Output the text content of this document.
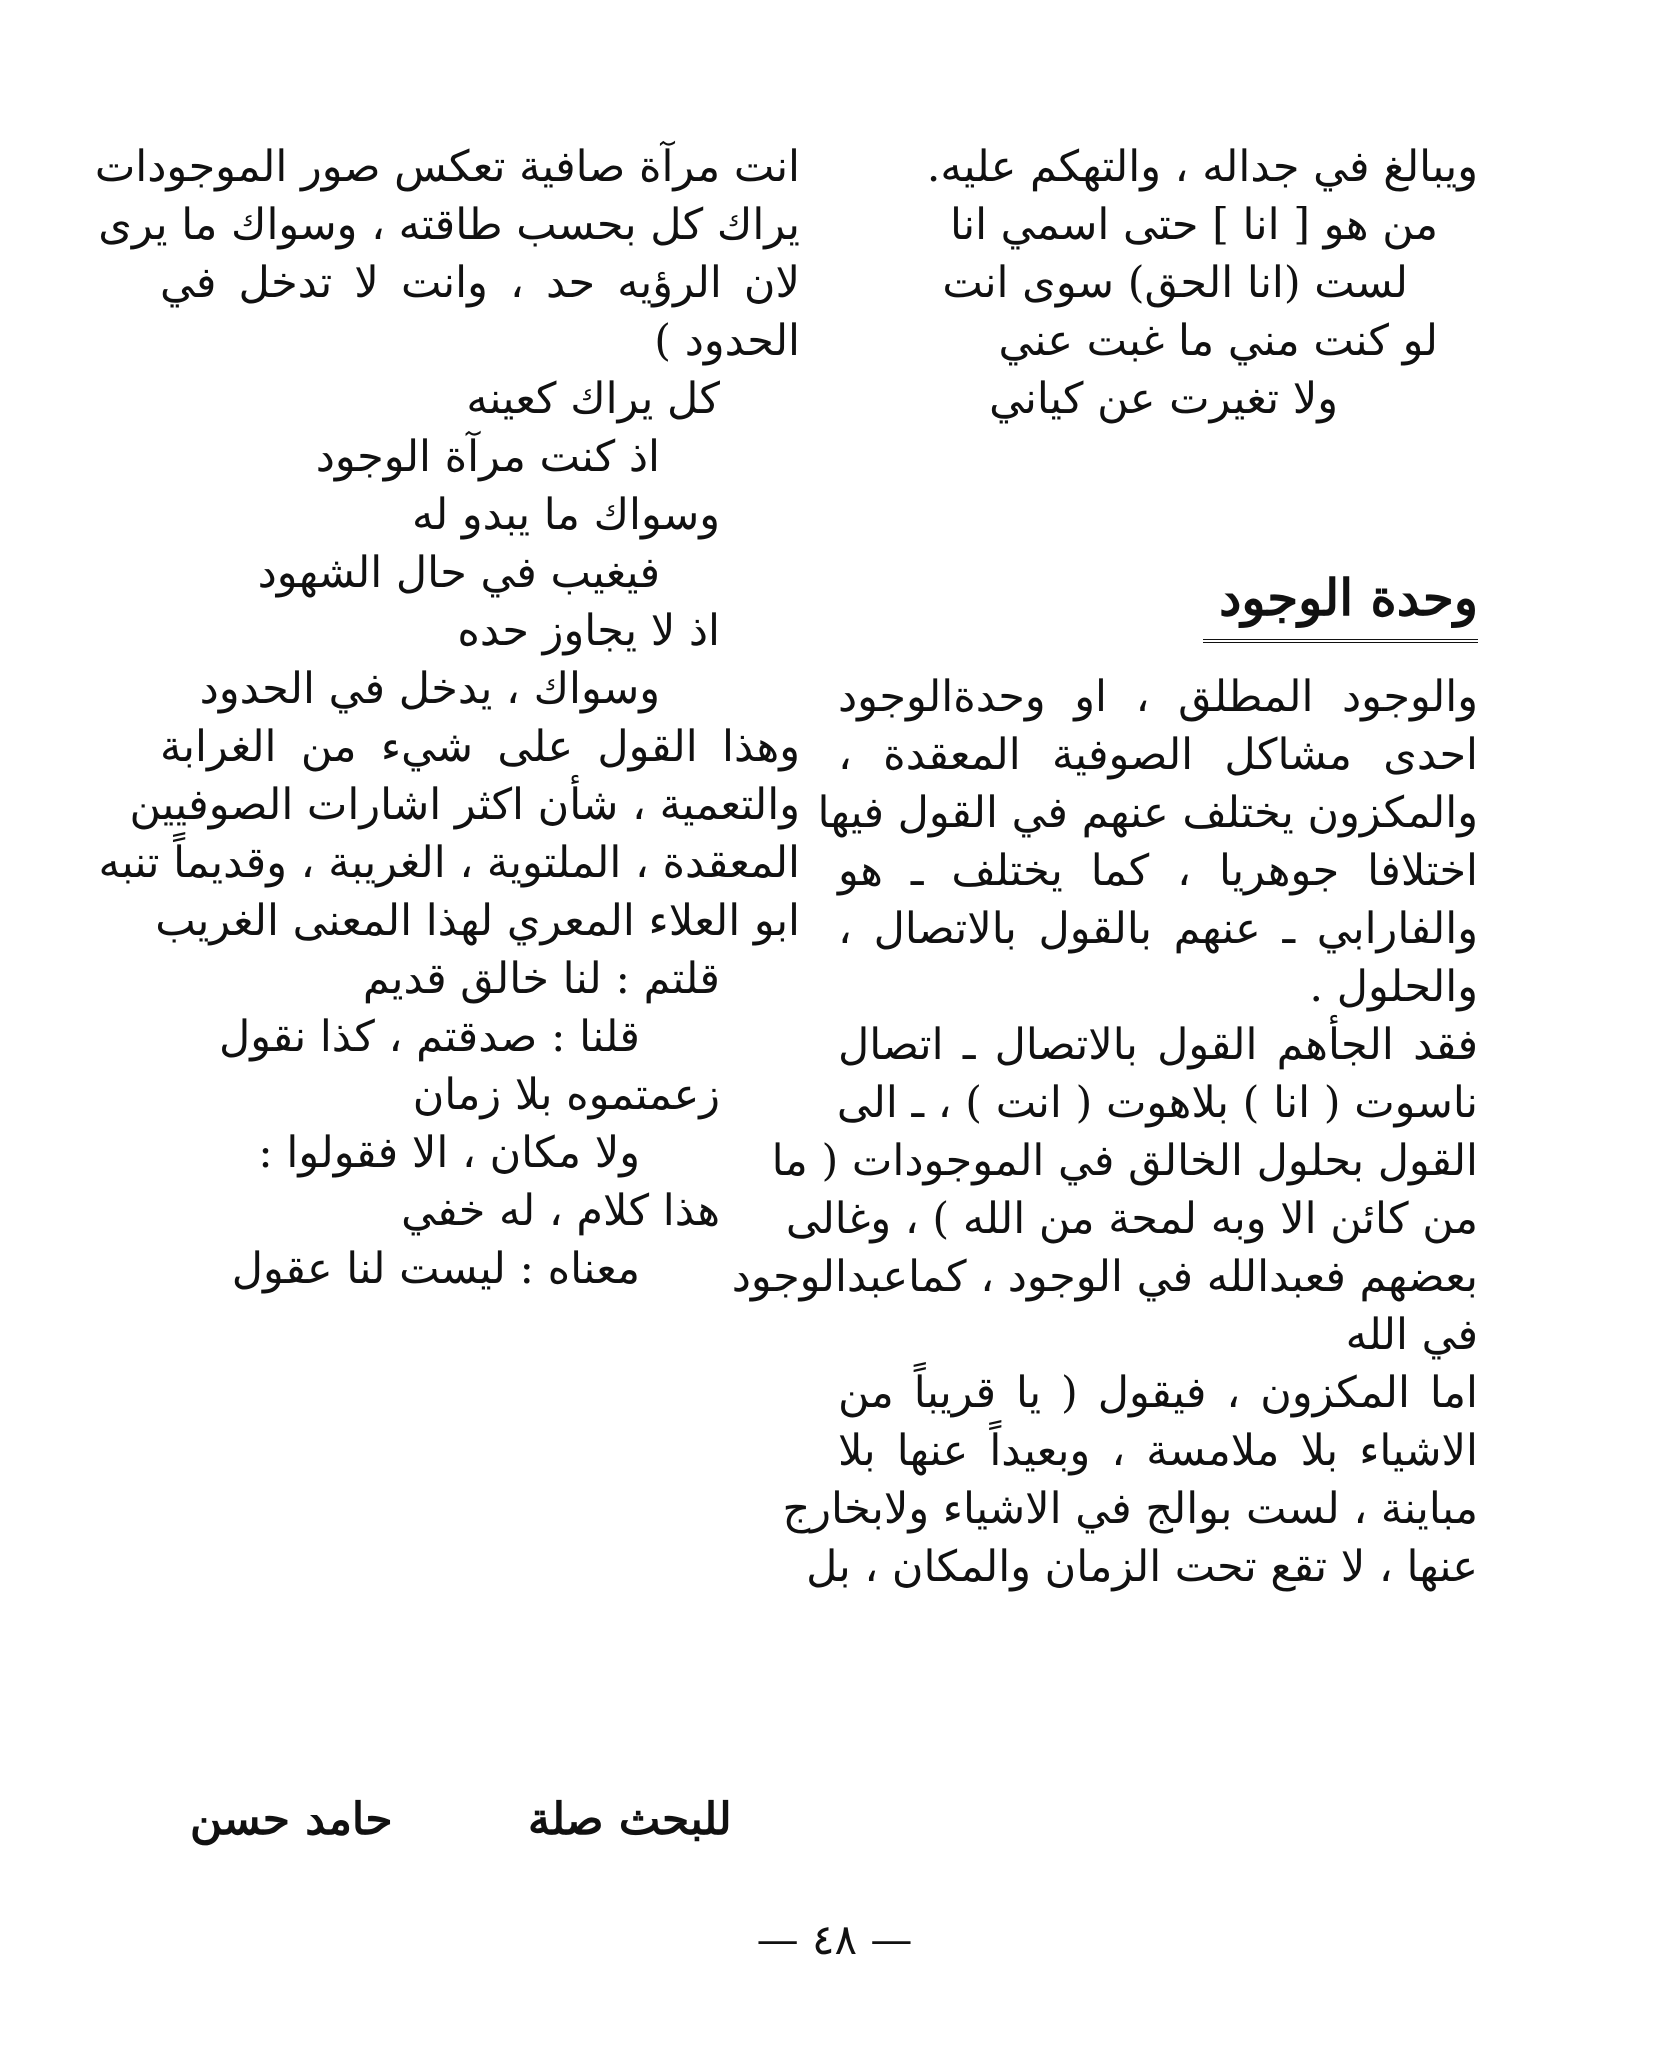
ويبالغ في جداله ، والتهكم عليه.
من هو [ انا ] حتى اسمي انا
لست (انا الحق) سوى انت
لو كنت مني ما غبت عني
ولا تغيرت عن كياني
وحدة الوجود
والوجود المطلق ، او وحدةالوجود
احدى مشاكل الصوفية المعقدة ،
والمكزون يختلف عنهم في القول فيها
اختلافا جوهريا ، كما يختلف ـ هو
والفارابي ـ عنهم بالقول بالاتصال ،
والحلول .
فقد الجأهم القول بالاتصال ـ اتصال
ناسوت ( انا ) بلاهوت ( انت ) ، ـ الى
القول بحلول الخالق في الموجودات ( ما
من كائن الا وبه لمحة من الله ) ، وغالى
بعضهم فعبدالله في الوجود ، كماعبدالوجود
في الله
اما المكزون ، فيقول ( يا قريباً من
الاشياء بلا ملامسة ، وبعيداً عنها بلا
مباينة ، لست بوالج في الاشياء ولابخارج
عنها ، لا تقع تحت الزمان والمكان ، بل
انت مرآة صافية تعكس صور الموجودات
يراك كل بحسب طاقته ، وسواك ما يرى
لان الرؤيه حد ، وانت لا تدخل في
الحدود )
كل يراك كعينه
اذ كنت مرآة الوجود
وسواك ما يبدو له
فيغيب في حال الشهود
اذ لا يجاوز حده
وسواك ، يدخل في الحدود
وهذا القول على شيء من الغرابة
والتعمية ، شأن اكثر اشارات الصوفيين
المعقدة ، الملتوية ، الغريبة ، وقديماً تنبه
ابو العلاء المعري لهذا المعنى الغريب
قلتم : لنا خالق قديم
قلنا : صدقتم ، كذا نقول
زعمتموه بلا زمان
ولا مكان ، الا فقولوا :
هذا كلام ، له خفي
معناه : ليست لنا عقول
للبحث صلة
حامد حسن
— ٤٨ —
